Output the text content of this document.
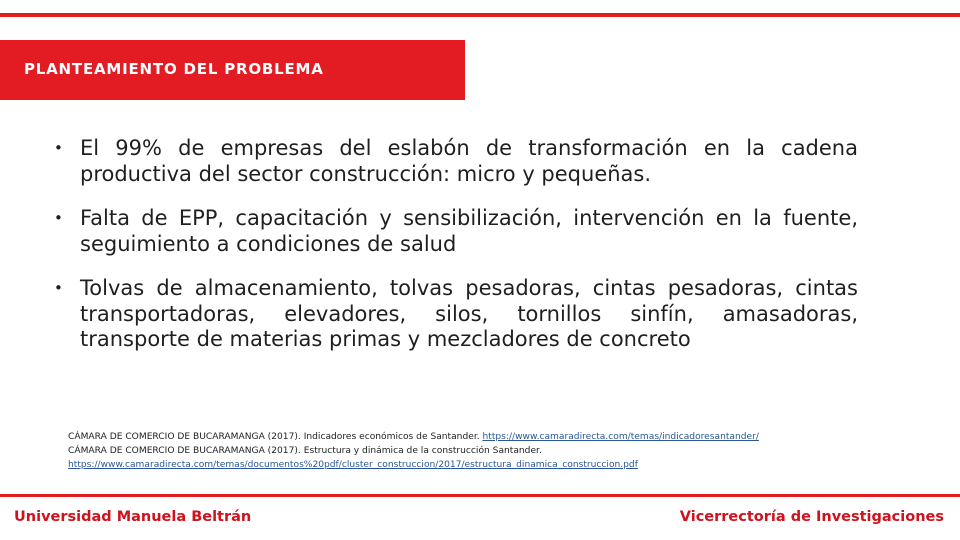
PLANTEAMIENTO DEL PROBLEMA
• El 99% de empresas del eslabón de transformación en la cadena productiva del sector construcción: micro y pequeñas.
• Falta de EPP, capacitación y sensibilización, intervención en la fuente, seguimiento a condiciones de salud
• Tolvas de almacenamiento, tolvas pesadoras, cintas pesadoras, cintas transportadoras, elevadores, silos, tornillos sinfín, amasadoras, transporte de materias primas y mezcladores de concreto
CÁMARA DE COMERCIO DE BUCARAMANGA (2017). Indicadores económicos de Santander. https://www.camaradirecta.com/temas/indicadoresantander/
CÁMARA DE COMERCIO DE BUCARAMANGA (2017). Estructura y dinámica de la construcción Santander.
https://www.camaradirecta.com/temas/documentos%20pdf/cluster_construccion/2017/estructura_dinamica_construccion.pdf
Universidad Manuela Beltrán	Vicerrectoría de Investigaciones
